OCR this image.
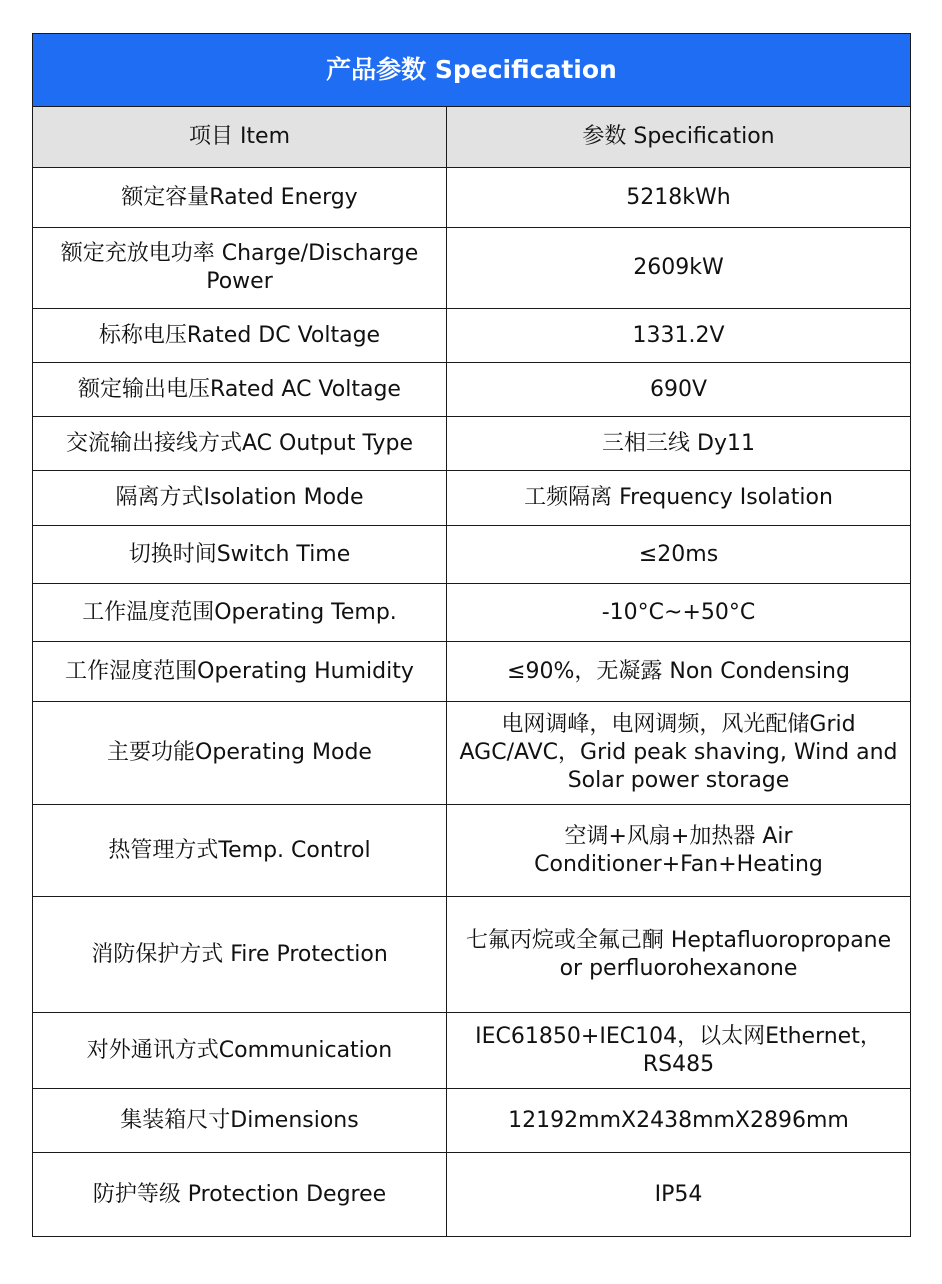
产品参数 Specification	
项目 Item	参数 Specification
额定容量Rated Energy	5218kWh
额定充放电功率 Charge/Discharge Power	2609kW
标称电压Rated DC Voltage	1331.2V
额定输出电压Rated AC Voltage	690V
交流输出接线方式AC Output Type	三相三线 Dy11
隔离方式Isolation Mode	工频隔离 Frequency Isolation
切换时间Switch Time	≤20ms
工作温度范围Operating Temp.	-10°C~+50°C
工作湿度范围Operating Humidity	≤90%，无凝露 Non Condensing
主要功能Operating Mode	电网调峰，电网调频，风光配储Grid AGC/AVC，Grid peak shaving, Wind and Solar power storage
热管理方式Temp. Control	空调+风扇+加热器 Air Conditioner+Fan+Heating
消防保护方式 Fire Protection	七氟丙烷或全氟己酮 Heptafluoropropane or perfluorohexanone
对外通讯方式Communication	IEC61850+IEC104，以太网Ethernet，RS485
集装箱尺寸Dimensions	12192mmX2438mmX2896mm
防护等级 Protection Degree	IP54
